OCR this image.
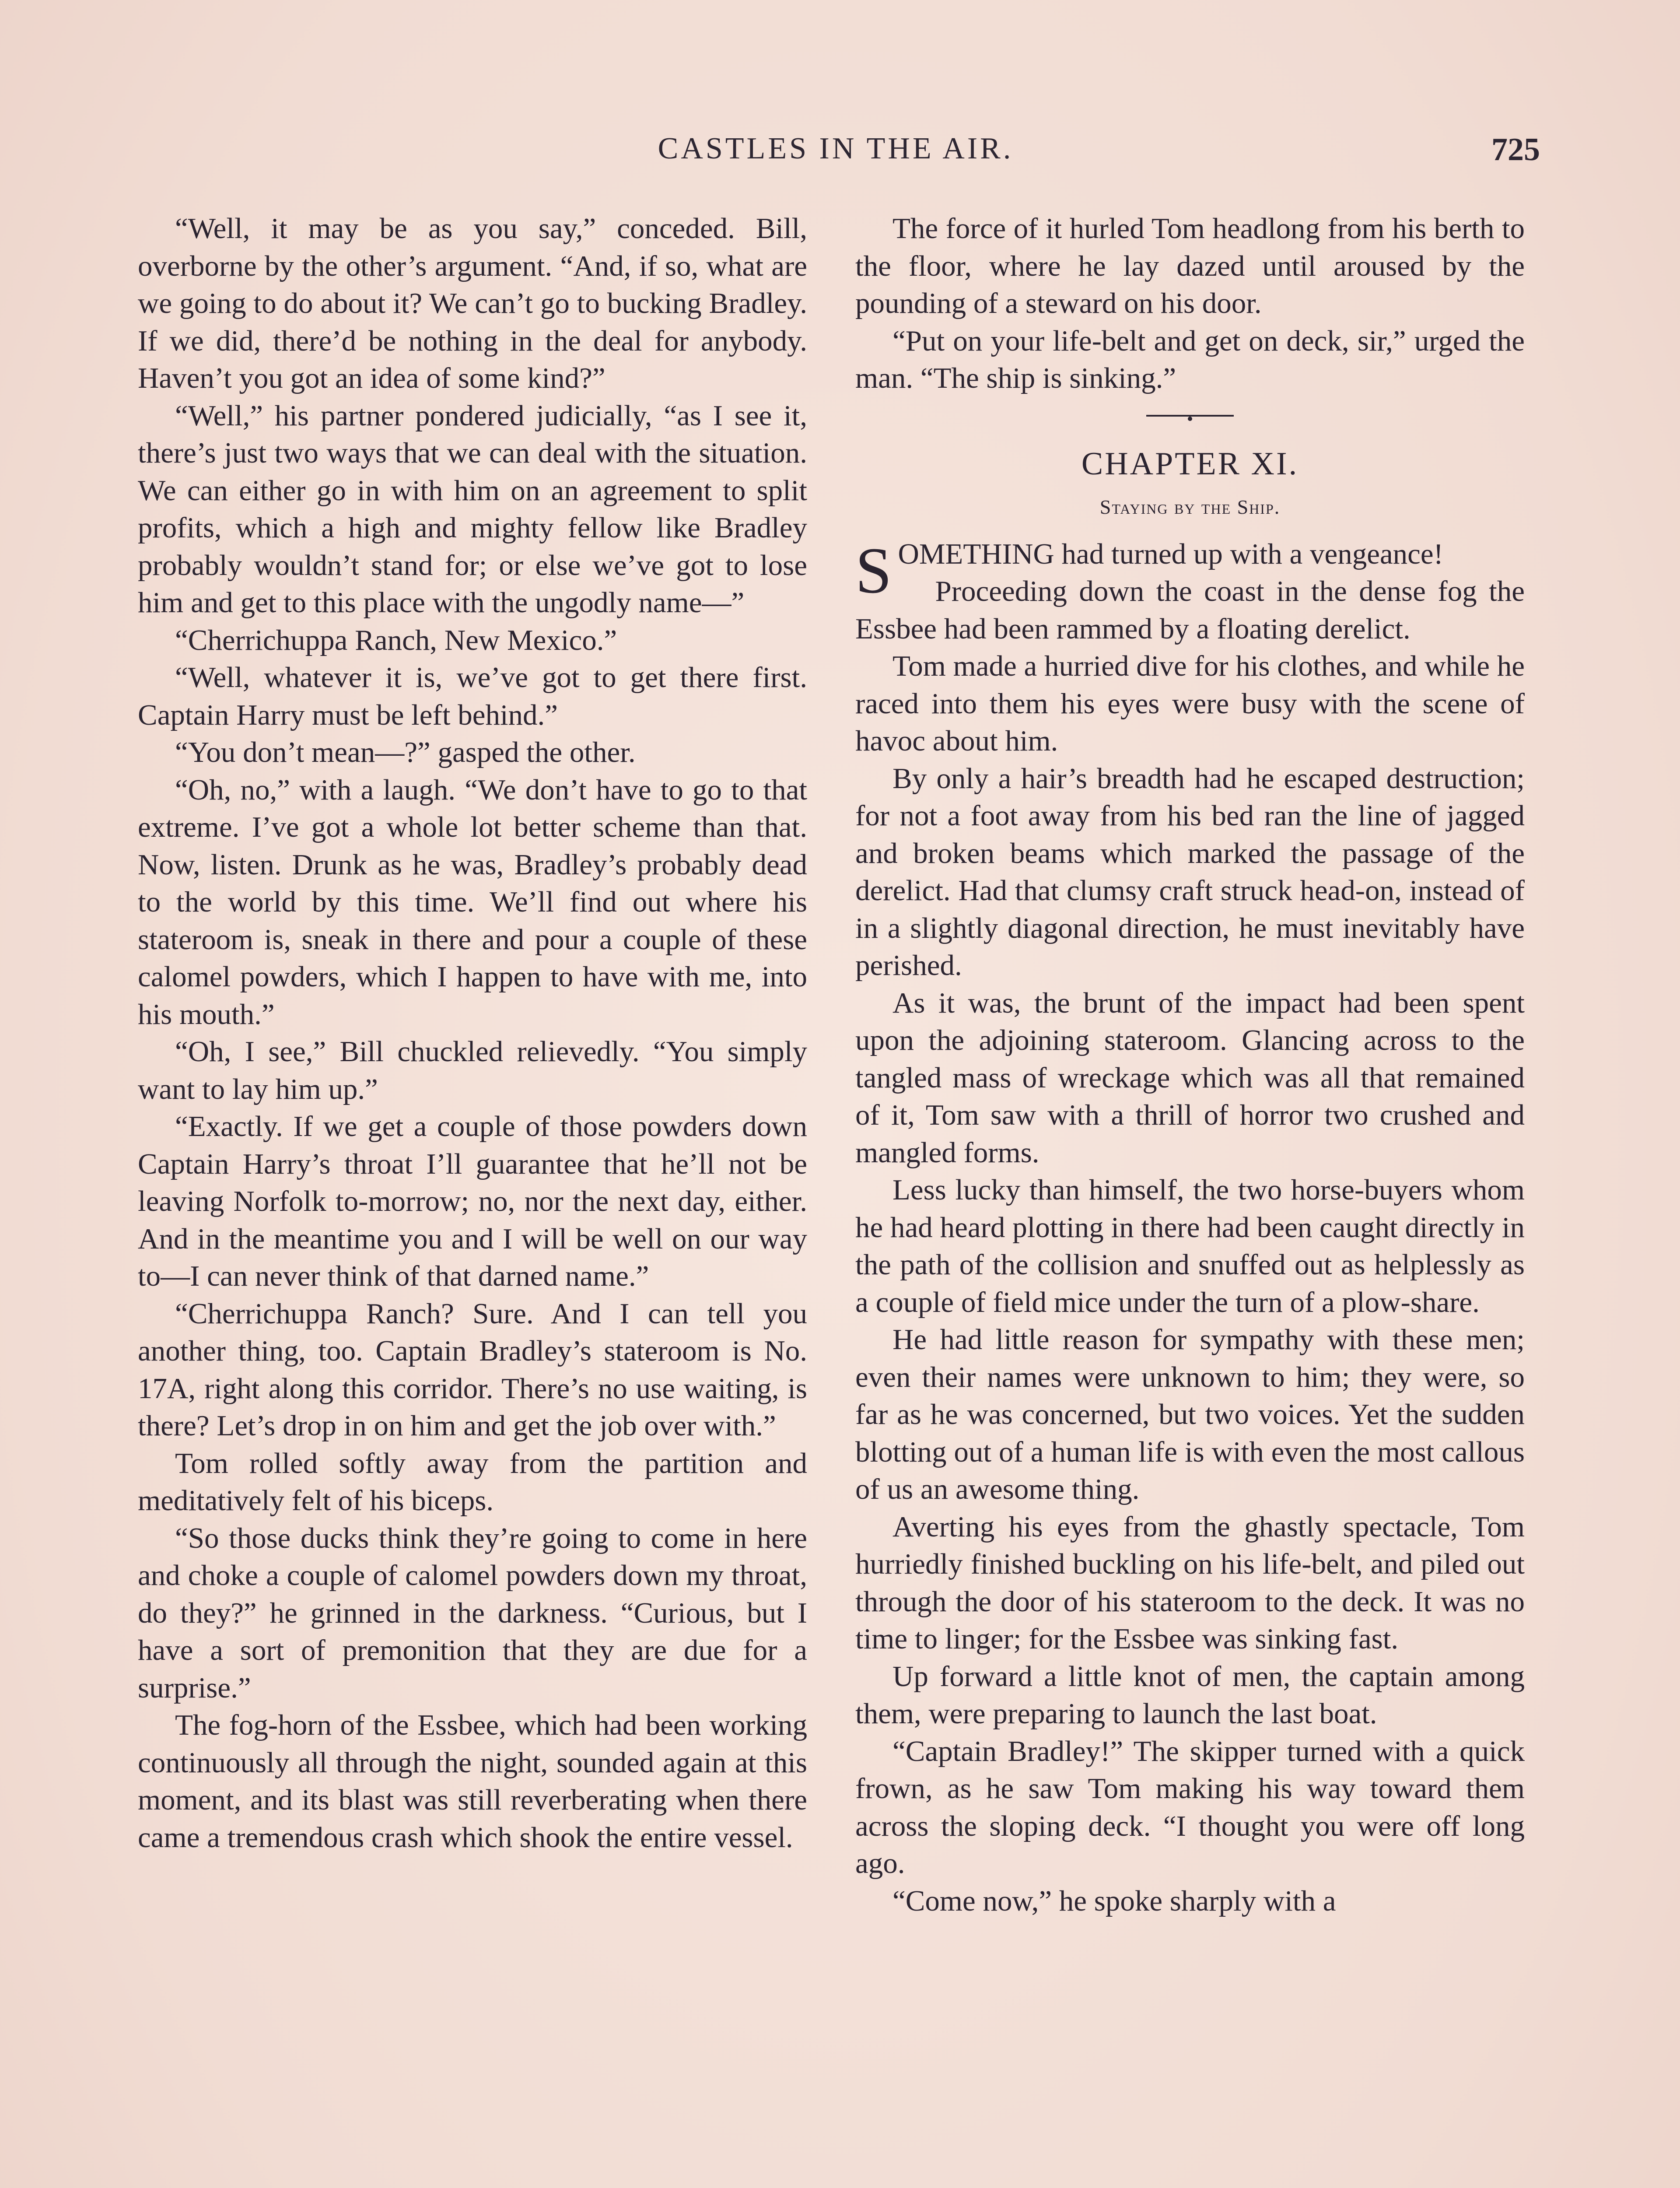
CASTLES IN THE AIR.	725

“Well, it may be as you say,” conceded. Bill, overborne by the other’s argument. “And, if so, what are we going to do about it? We can’t go to bucking Bradley. If we did, there’d be nothing in the deal for anybody. Haven’t you got an idea of some kind?”

“Well,” his partner pondered judicially, “as I see it, there’s just two ways that we can deal with the situation. We can either go in with him on an agreement to split profits, which a high and mighty fellow like Bradley probably wouldn’t stand for; or else we’ve got to lose him and get to this place with the ungodly name—”

“Cherrichuppa Ranch, New Mexico.”

“Well, whatever it is, we’ve got to get there first. Captain Harry must be left behind.”

“You don’t mean—?” gasped the other.

“Oh, no,” with a laugh. “We don’t have to go to that extreme. I’ve got a whole lot better scheme than that. Now, listen. Drunk as he was, Bradley’s probably dead to the world by this time. We’ll find out where his stateroom is, sneak in there and pour a couple of these calomel powders, which I happen to have with me, into his mouth.”

“Oh, I see,” Bill chuckled relievedly. “You simply want to lay him up.”

“Exactly. If we get a couple of those powders down Captain Harry’s throat I’ll guarantee that he’ll not be leaving Norfolk to-morrow; no, nor the next day, either. And in the meantime you and I will be well on our way to—I can never think of that darned name.”

“Cherrichuppa Ranch? Sure. And I can tell you another thing, too. Captain Bradley’s stateroom is No. 17A, right along this corridor. There’s no use waiting, is there? Let’s drop in on him and get the job over with.”

Tom rolled softly away from the partition and meditatively felt of his biceps.

“So those ducks think they’re going to come in here and choke a couple of calomel powders down my throat, do they?” he grinned in the darkness. “Curious, but I have a sort of premonition that they are due for a surprise.”

The fog-horn of the Essbee, which had been working continuously all through the night, sounded again at this moment, and its blast was still reverberating when there came a tremendous crash which shook the entire vessel.

The force of it hurled Tom headlong from his berth to the floor, where he lay dazed until aroused by the pounding of a steward on his door.

“Put on your life-belt and get on deck, sir,” urged the man. “The ship is sinking.”

CHAPTER XI.
Staying by the Ship.

SOMETHING had turned up with a vengeance!

Proceeding down the coast in the dense fog the Essbee had been rammed by a floating derelict.

Tom made a hurried dive for his clothes, and while he raced into them his eyes were busy with the scene of havoc about him.

By only a hair’s breadth had he escaped destruction; for not a foot away from his bed ran the line of jagged and broken beams which marked the passage of the derelict. Had that clumsy craft struck head-on, instead of in a slightly diagonal direction, he must inevitably have perished.

As it was, the brunt of the impact had been spent upon the adjoining stateroom. Glancing across to the tangled mass of wreckage which was all that remained of it, Tom saw with a thrill of horror two crushed and mangled forms.

Less lucky than himself, the two horse-buyers whom he had heard plotting in there had been caught directly in the path of the collision and snuffed out as helplessly as a couple of field mice under the turn of a plow-share.

He had little reason for sympathy with these men; even their names were unknown to him; they were, so far as he was concerned, but two voices. Yet the sudden blotting out of a human life is with even the most callous of us an awesome thing.

Averting his eyes from the ghastly spectacle, Tom hurriedly finished buckling on his life-belt, and piled out through the door of his stateroom to the deck. It was no time to linger; for the Essbee was sinking fast.

Up forward a little knot of men, the captain among them, were preparing to launch the last boat.

“Captain Bradley!” The skipper turned with a quick frown, as he saw Tom making his way toward them across the sloping deck. “I thought you were off long ago.

“Come now,” he spoke sharply with a
